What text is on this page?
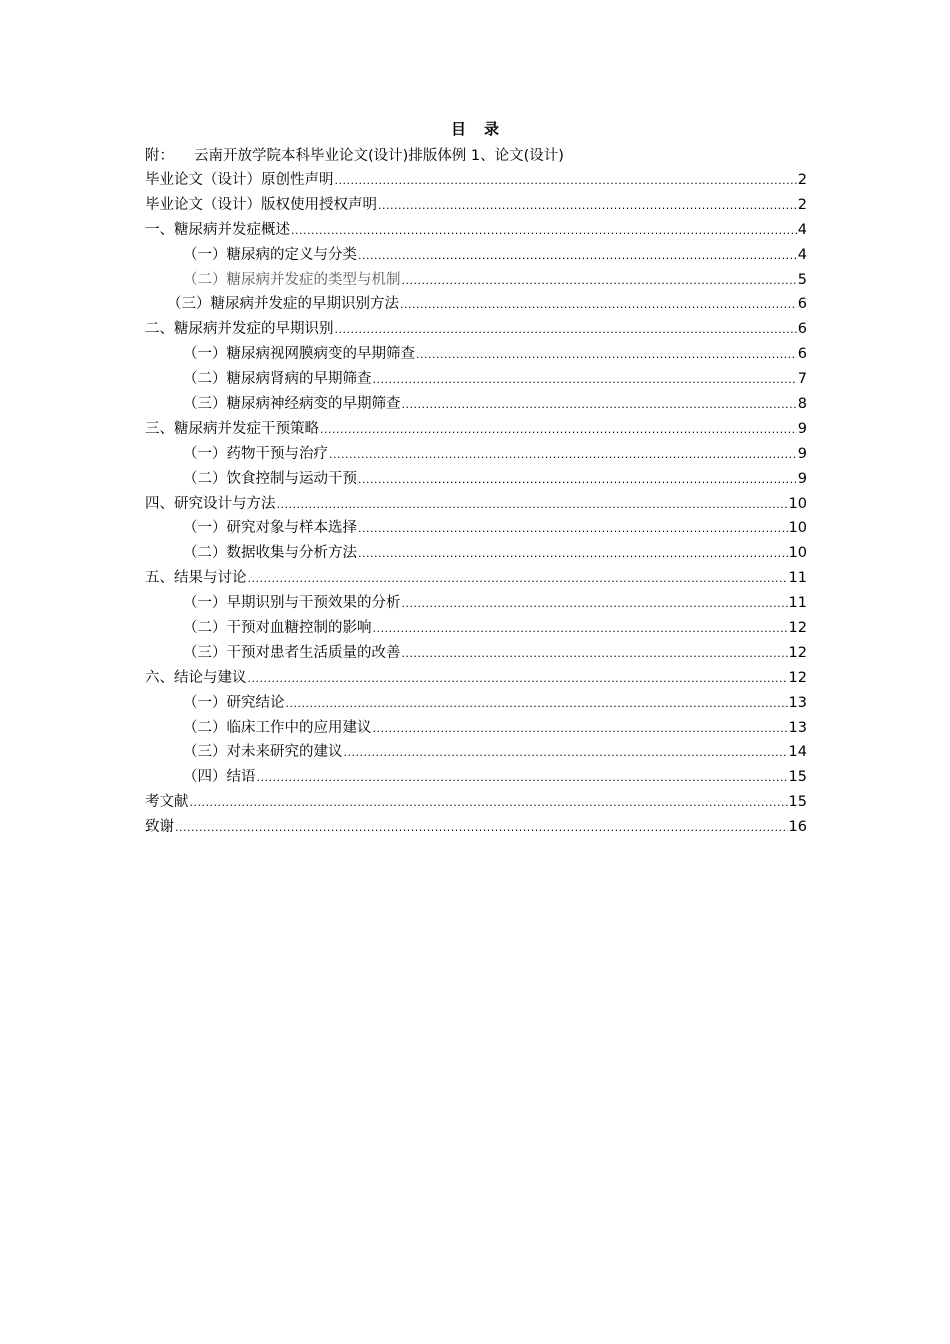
目 录
附： 云南开放学院本科毕业论文(设计)排版体例 1、论文(设计)
毕业论文（设计）原创性声明 .....	2
毕业论文（设计）版权使用授权声明 .....	2
一、糖尿病并发症概述 .....	4
（一）糖尿病的定义与分类 .....	4
（二）糖尿病并发症的类型与机制 .....	5
（三）糖尿病并发症的早期识别方法 .....	6
二、糖尿病并发症的早期识别 .....	6
（一）糖尿病视网膜病变的早期筛查 .....	6
（二）糖尿病肾病的早期筛查 .....	7
（三）糖尿病神经病变的早期筛查 .....	8
三、糖尿病并发症干预策略 .....	9
（一）药物干预与治疗 .....	9
（二）饮食控制与运动干预 .....	9
四、研究设计与方法 .....	10
（一）研究对象与样本选择 .....	10
（二）数据收集与分析方法 .....	10
五、结果与讨论 .....	11
（一）早期识别与干预效果的分析 .....	11
（二）干预对血糖控制的影响 .....	12
（三）干预对患者生活质量的改善 .....	12
六、结论与建议 .....	12
（一）研究结论 .....	13
（二）临床工作中的应用建议 .....	13
（三）对未来研究的建议 .....	14
（四）结语 .....	15
考文献 .....	15
致谢 .....	16
